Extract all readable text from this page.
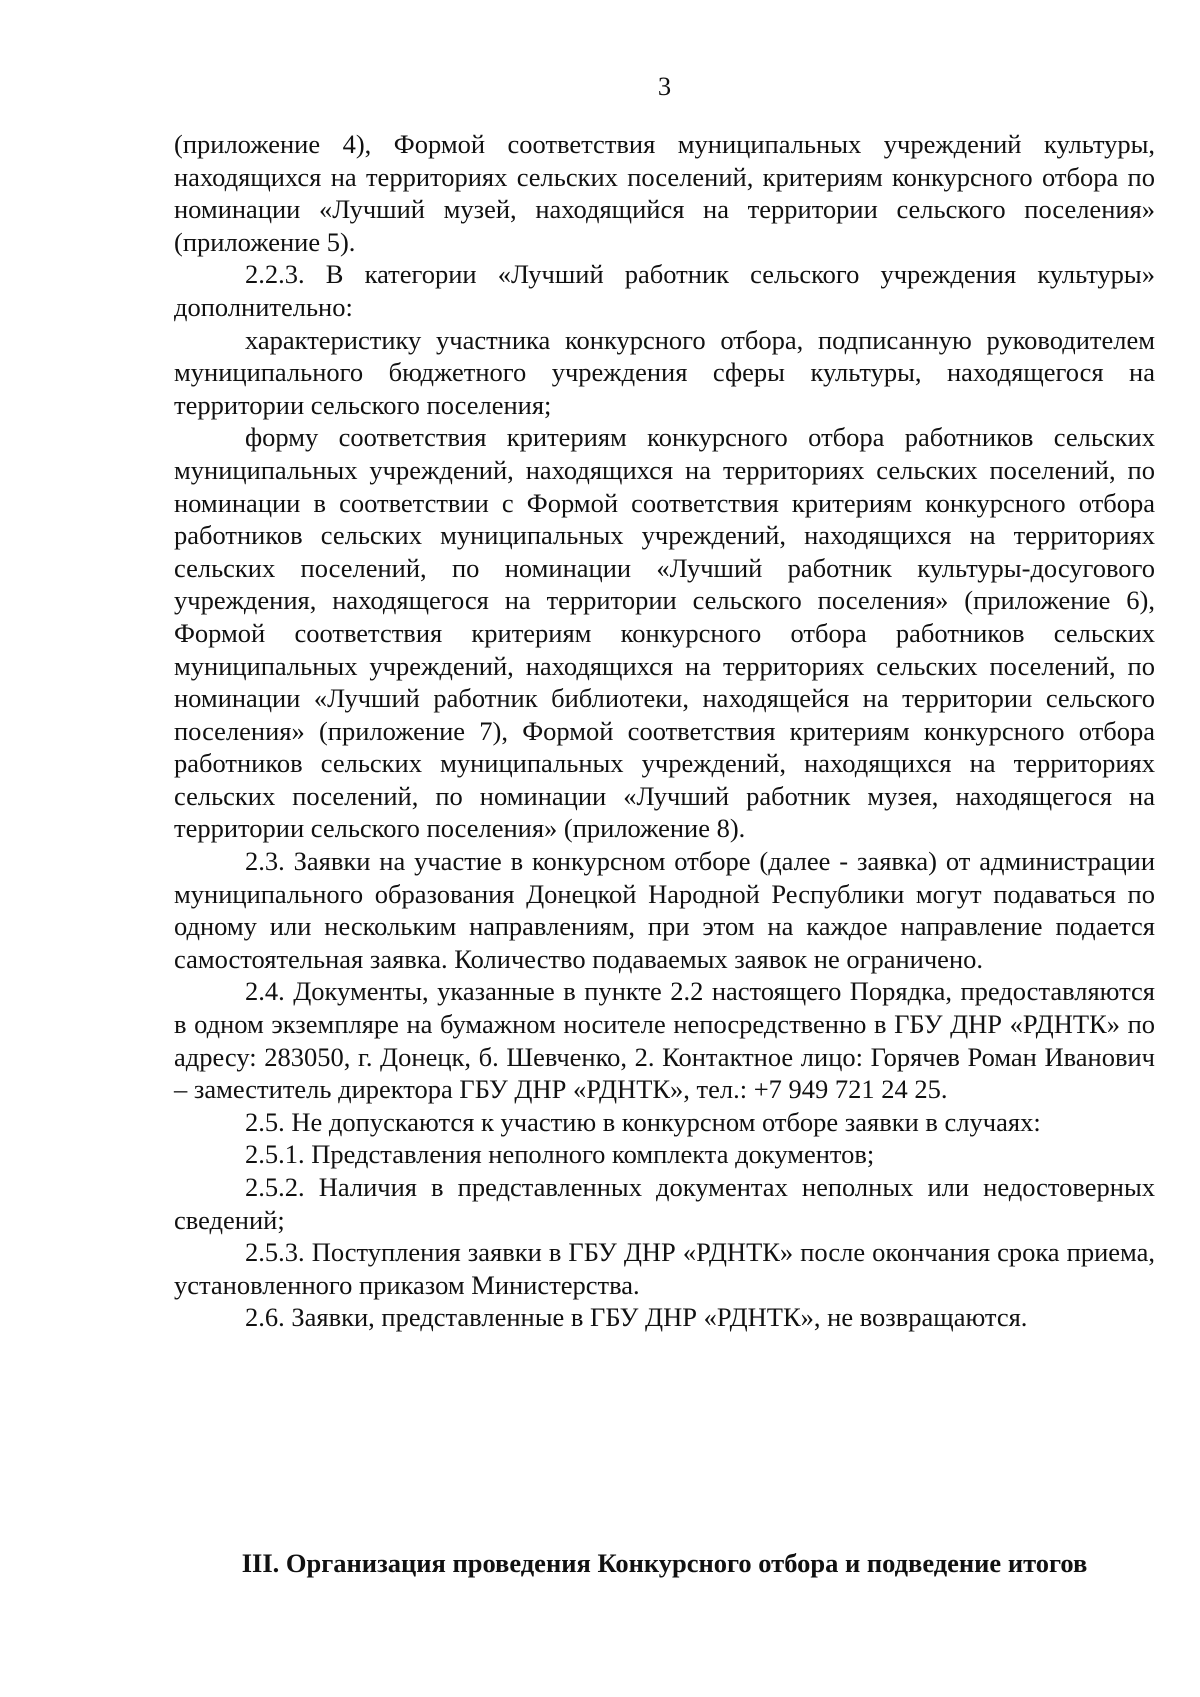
3

(приложение 4), Формой соответствия муниципальных учреждений культуры, находящихся на территориях сельских поселений, критериям конкурсного отбора по номинации «Лучший музей, находящийся на территории сельского поселения» (приложение 5).

2.2.3. В категории «Лучший работник сельского учреждения культуры» дополнительно:

характеристику участника конкурсного отбора, подписанную руководителем муниципального бюджетного учреждения сферы культуры, находящегося на территории сельского поселения;

форму соответствия критериям конкурсного отбора работников сельских муниципальных учреждений, находящихся на территориях сельских поселений, по номинации в соответствии с Формой соответствия критериям конкурсного отбора работников сельских муниципальных учреждений, находящихся на территориях сельских поселений, по номинации «Лучший работник культуры-досугового учреждения, находящегося на территории сельского поселения» (приложение 6), Формой соответствия критериям конкурсного отбора работников сельских муниципальных учреждений, находящихся на территориях сельских поселений, по номинации «Лучший работник библиотеки, находящейся на территории сельского поселения» (приложение 7), Формой соответствия критериям конкурсного отбора работников сельских муниципальных учреждений, находящихся на территориях сельских поселений, по номинации «Лучший работник музея, находящегося на территории сельского поселения» (приложение 8).

2.3. Заявки на участие в конкурсном отборе (далее - заявка) от администрации муниципального образования Донецкой Народной Республики могут подаваться по одному или нескольким направлениям, при этом на каждое направление подается самостоятельная заявка. Количество подаваемых заявок не ограничено.

2.4. Документы, указанные в пункте 2.2 настоящего Порядка, предоставляются в одном экземпляре на бумажном носителе непосредственно в ГБУ ДНР «РДНТК» по адресу: 283050, г. Донецк, б. Шевченко, 2. Контактное лицо: Горячев Роман Иванович – заместитель директора ГБУ ДНР «РДНТК», тел.: +7 949 721 24 25.

2.5. Не допускаются к участию в конкурсном отборе заявки в случаях:

2.5.1. Представления неполного комплекта документов;

2.5.2. Наличия в представленных документах неполных или недостоверных сведений;

2.5.3. Поступления заявки в ГБУ ДНР «РДНТК» после окончания срока приема, установленного приказом Министерства.

2.6. Заявки, представленные в ГБУ ДНР «РДНТК», не возвращаются.

III. Организация проведения Конкурсного отбора и подведение итогов
